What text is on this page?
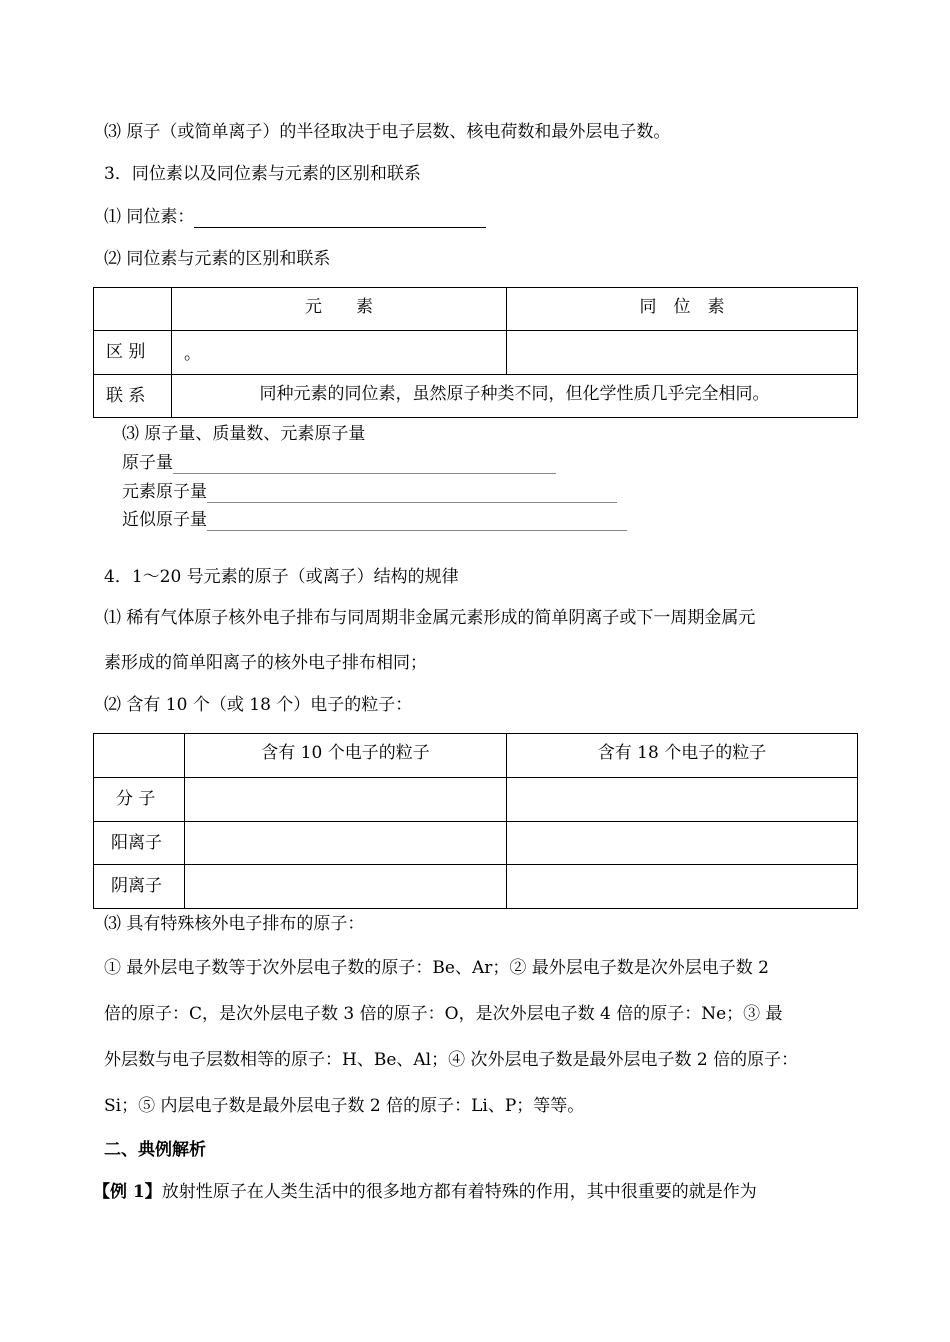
⑶ 原子（或简单离子）的半径取决于电子层数、核电荷数和最外层电子数。
3．同位素以及同位素与元素的区别和联系
⑴ 同位素：
⑵ 同位素与元素的区别和联系
	元　　素	同　位　素
区 别	。	
联 系	同种元素的同位素，虽然原子种类不同，但化学性质几乎完全相同。	
⑶ 原子量、质量数、元素原子量
原子量
元素原子量
近似原子量
4．1～20 号元素的原子（或离子）结构的规律
⑴ 稀有气体原子核外电子排布与同周期非金属元素形成的简单阴离子或下一周期金属元
素形成的简单阳离子的核外电子排布相同；
⑵ 含有 10 个（或 18 个）电子的粒子：
	含有 10 个电子的粒子	含有 18 个电子的粒子
分 子		
阳离子		
阴离子		
⑶ 具有特殊核外电子排布的原子：
① 最外层电子数等于次外层电子数的原子：Be、Ar；② 最外层电子数是次外层电子数 2
倍的原子：C，是次外层电子数 3 倍的原子：O，是次外层电子数 4 倍的原子：Ne；③ 最
外层数与电子层数相等的原子：H、Be、Al；④ 次外层电子数是最外层电子数 2 倍的原子：
Si；⑤ 内层电子数是最外层电子数 2 倍的原子：Li、P；等等。
二、典例解析
【例 1】放射性原子在人类生活中的很多地方都有着特殊的作用，其中很重要的就是作为
